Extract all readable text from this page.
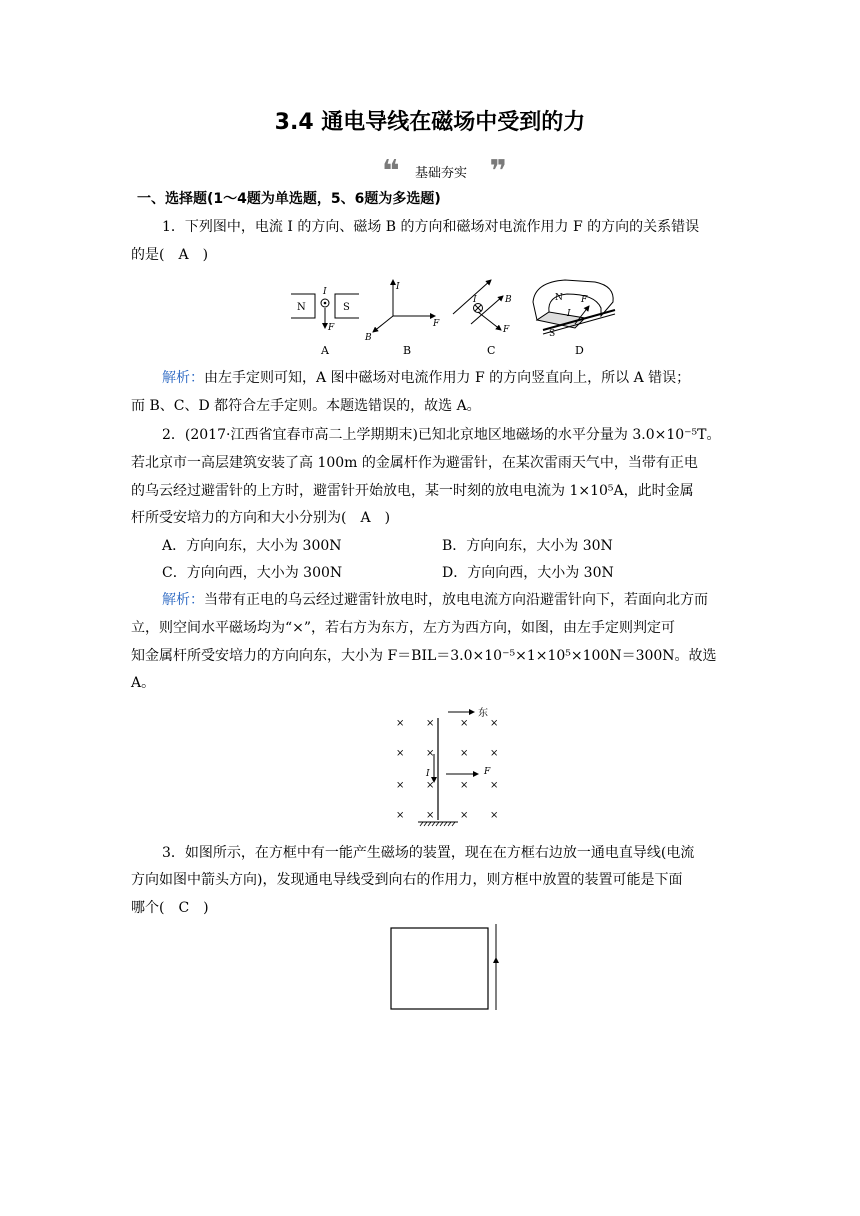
3.4 通电导线在磁场中受到的力
❝ 基础夯实 ❞
一、选择题(1～4题为单选题，5、6题为多选题)
1．下列图中，电流 I 的方向、磁场 B 的方向和磁场对电流作用力 F 的方向的关系错误
的是(　A　)
N	S
I
F
A
I
F
B
B
I	B
F
C
N
S
I
F
D
解析：由左手定则可知，A 图中磁场对电流作用力 F 的方向竖直向上，所以 A 错误；
而 B、C、D 都符合左手定则。本题选错误的，故选 A。
2．(2017·江西省宜春市高二上学期期末)已知北京地区地磁场的水平分量为 3.0×10⁻⁵T。
若北京市一高层建筑安装了高 100m 的金属杆作为避雷针，在某次雷雨天气中，当带有正电
的乌云经过避雷针的上方时，避雷针开始放电，某一时刻的放电电流为 1×10⁵A，此时金属
杆所受安培力的方向和大小分别为(　A　)
A．方向向东，大小为 300N	B．方向向东，大小为 30N
C．方向向西，大小为 300N	D．方向向西，大小为 30N
解析：当带有正电的乌云经过避雷针放电时，放电电流方向沿避雷针向下，若面向北方而
立，则空间水平磁场均为“×”，若右方为东方，左方为西方向，如图，由左手定则判定可
知金属杆所受安培力的方向向东，大小为 F＝BIL＝3.0×10⁻⁵×1×10⁵×100N＝300N。故选
A。
× ×	× ×
× ×	× ×
× ×	× ×
× ×	× ×
东
I	F
3．如图所示，在方框中有一能产生磁场的装置，现在在方框右边放一通电直导线(电流
方向如图中箭头方向)，发现通电导线受到向右的作用力，则方框中放置的装置可能是下面
哪个(　C　)
